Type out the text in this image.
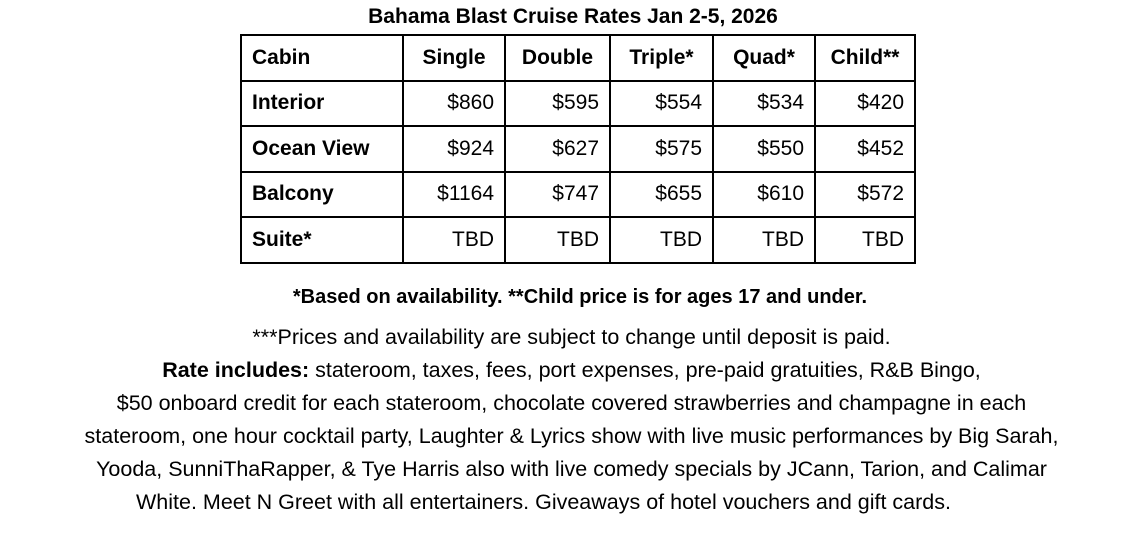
Bahama Blast Cruise Rates Jan 2-5, 2026
Cabin	Single	Double	Triple*	Quad*	Child**
Interior	$860	$595	$554	$534	$420
Ocean View	$924	$627	$575	$550	$452
Balcony	$1164	$747	$655	$610	$572
Suite*	TBD	TBD	TBD	TBD	TBD
*Based on availability. **Child price is for ages 17 and under.
***Prices and availability are subject to change until deposit is paid.
Rate includes: stateroom, taxes, fees, port expenses, pre-paid gratuities, R&B Bingo,
$50 onboard credit for each stateroom, chocolate covered strawberries and champagne in each
stateroom, one hour cocktail party, Laughter & Lyrics show with live music performances by Big Sarah,
Yooda, SunniThaRapper, & Tye Harris also with live comedy specials by JCann, Tarion, and Calimar
White. Meet N Greet with all entertainers. Giveaways of hotel vouchers and gift cards.
